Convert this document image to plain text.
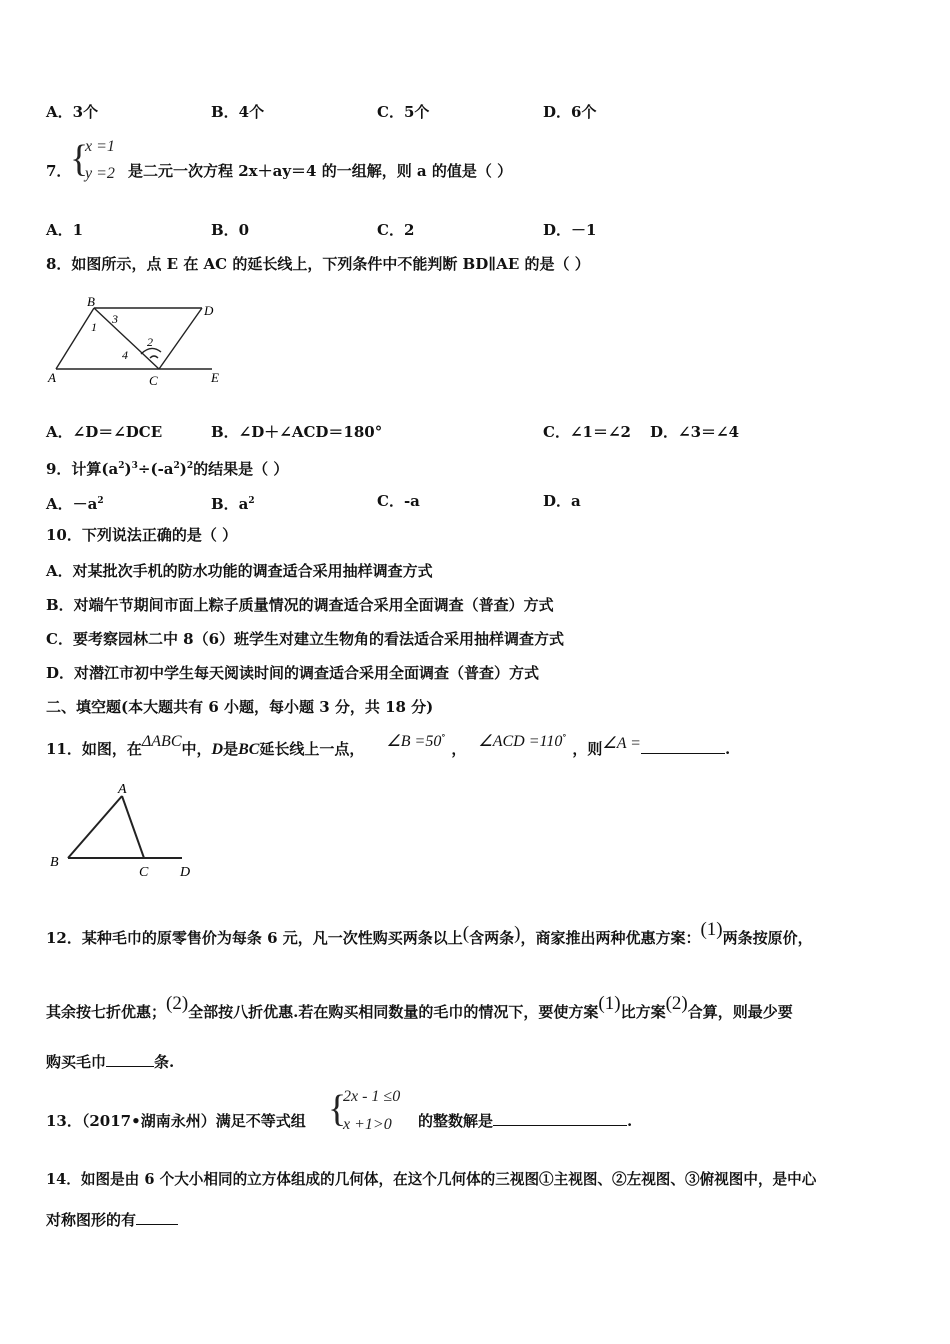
A．3个	B．4个	C．5个	D．6个
7．
{
x =1
y =2 是二元一次方程 2x＋ay＝4 的一组解，则 a 的值是（ ）
A．1	B．0	C．2	D．－1
8．如图所示，点 E 在 AC 的延长线上，下列条件中不能判断 BD∥AE 的是（ ）
B
D
A	C	E
1
3
2
4
A．∠D＝∠DCE	B．∠D＋∠ACD＝180°	C．∠1＝∠2 D．∠3＝∠4
9．计算$(a^2)^3\div(-a^2)^2$的结果是（ ）
A．$-a^2$	B．$a^2$	C．-a	D．a
10．下列说法正确的是（ ）
A．对某批次手机的防水功能的调查适合采用抽样调查方式
B．对端午节期间市面上粽子质量情况的调查适合采用全面调查（普查）方式
C．要考察园林二中 8（6）班学生对建立生物角的看法适合采用抽样调查方式
D．对潜江市初中学生每天阅读时间的调查适合采用全面调查（普查）方式
二、填空题(本大题共有 6 小题，每小题 3 分，共 18 分)
11．如图，在ΔABC中，D是BC延长线上一点， ∠B =50°， ∠ACD =110°，则∠A =	.
A
B
C D
12．某种毛巾的原零售价为每条 6 元，凡一次性购买两条以上(含两条)，商家推出两种优惠方案：(1)两条按原价，
其余按七折优惠；(2)全部按八折优惠.若在购买相同数量的毛巾的情况下，要使方案(1)比方案(2)合算，则最少要
购买毛巾	条.
13．（2017•湖南永州）满足不等式组 {
2x - 1 ≤0
x +1>0 的整数解是	.
14．如图是由 6 个大小相同的立方体组成的几何体，在这个几何体的三视图①主视图、②左视图、③俯视图中，是中心
对称图形的有
